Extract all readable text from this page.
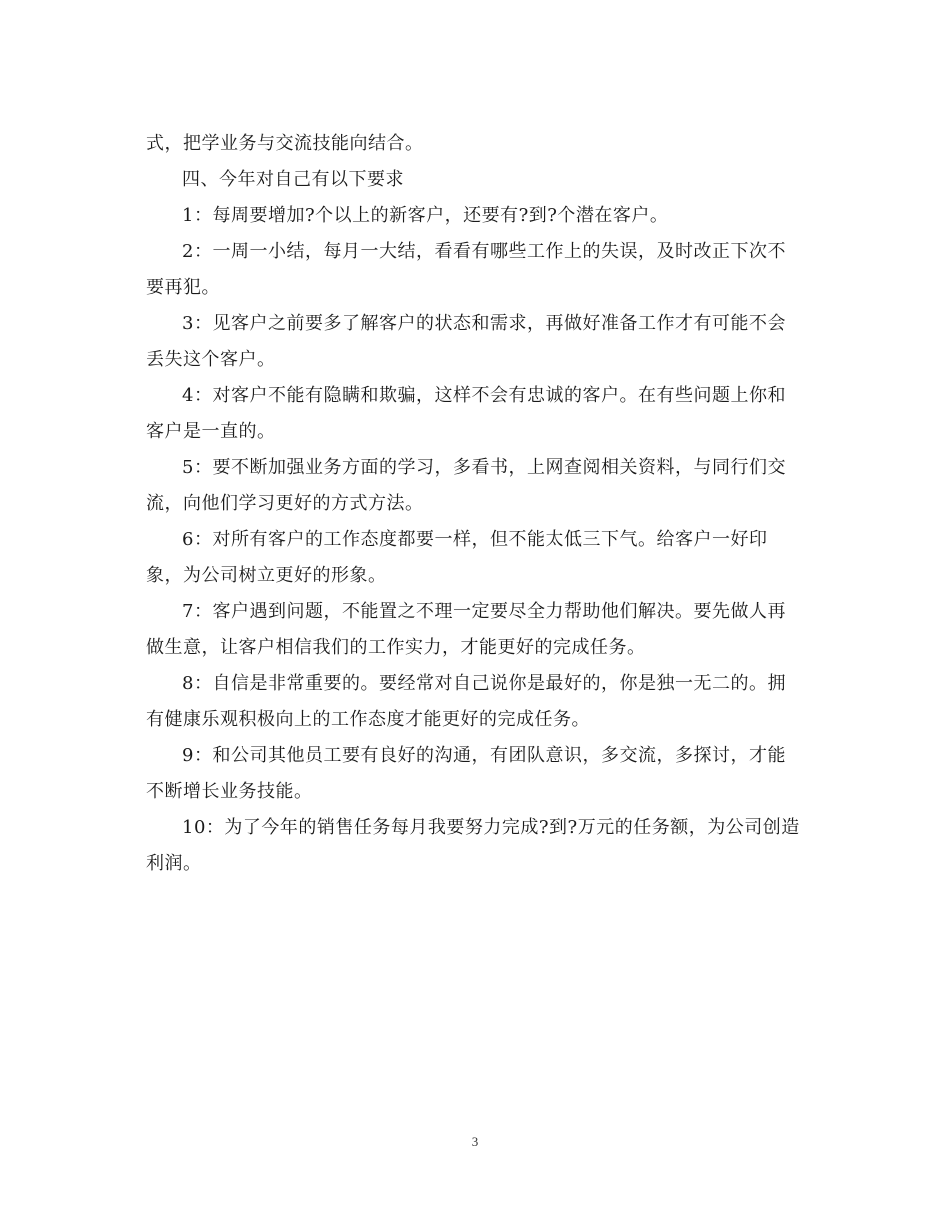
式，把学业务与交流技能向结合。
四、今年对自己有以下要求
1：每周要增加?个以上的新客户，还要有?到?个潜在客户。
2：一周一小结，每月一大结，看看有哪些工作上的失误，及时改正下次不
要再犯。
3：见客户之前要多了解客户的状态和需求，再做好准备工作才有可能不会
丢失这个客户。
4：对客户不能有隐瞒和欺骗，这样不会有忠诚的客户。在有些问题上你和
客户是一直的。
5：要不断加强业务方面的学习，多看书，上网查阅相关资料，与同行们交
流，向他们学习更好的方式方法。
6：对所有客户的工作态度都要一样，但不能太低三下气。给客户一好印
象，为公司树立更好的形象。
7：客户遇到问题，不能置之不理一定要尽全力帮助他们解决。要先做人再
做生意，让客户相信我们的工作实力，才能更好的完成任务。
8：自信是非常重要的。要经常对自己说你是最好的，你是独一无二的。拥
有健康乐观积极向上的工作态度才能更好的完成任务。
9：和公司其他员工要有良好的沟通，有团队意识，多交流，多探讨，才能
不断增长业务技能。
10：为了今年的销售任务每月我要努力完成?到?万元的任务额，为公司创造
利润。
3
